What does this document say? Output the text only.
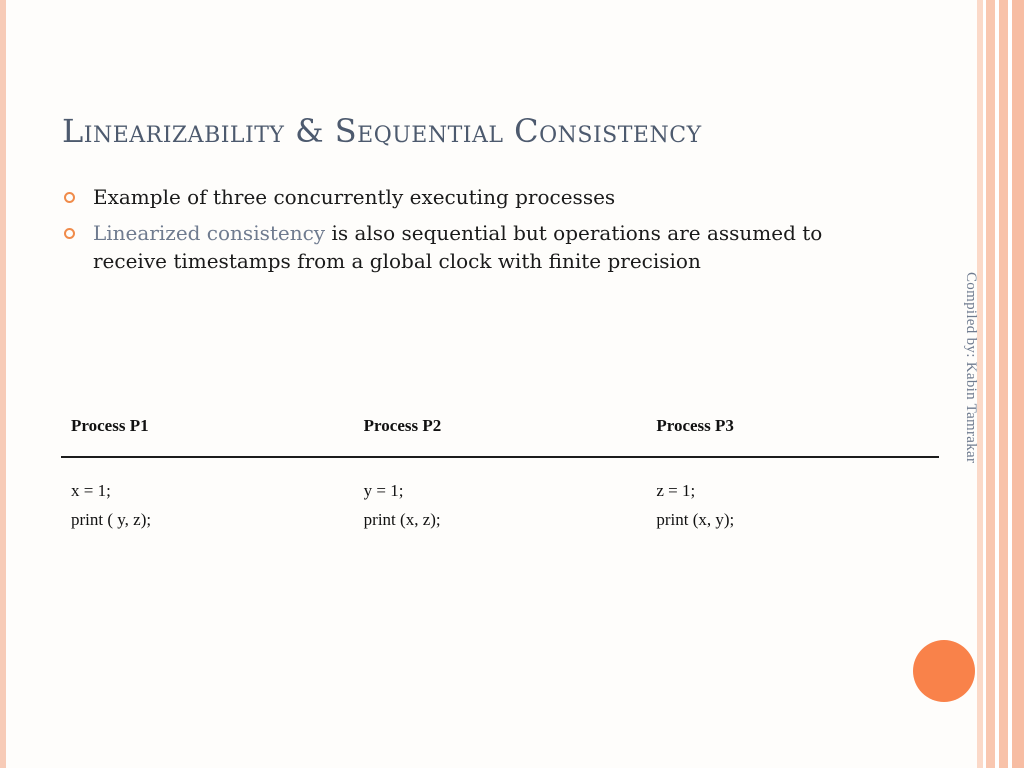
Linearizability & Sequential Consistency
Example of three concurrently executing processes
Linearized consistency is also sequential but operations are assumed to receive timestamps from a global clock with finite precision
Process P1	Process P2	Process P3
x = 1;	y = 1;	z = 1;
print ( y, z);	print (x, z);	print (x, y);
Compiled by: Kabin Tamrakar
